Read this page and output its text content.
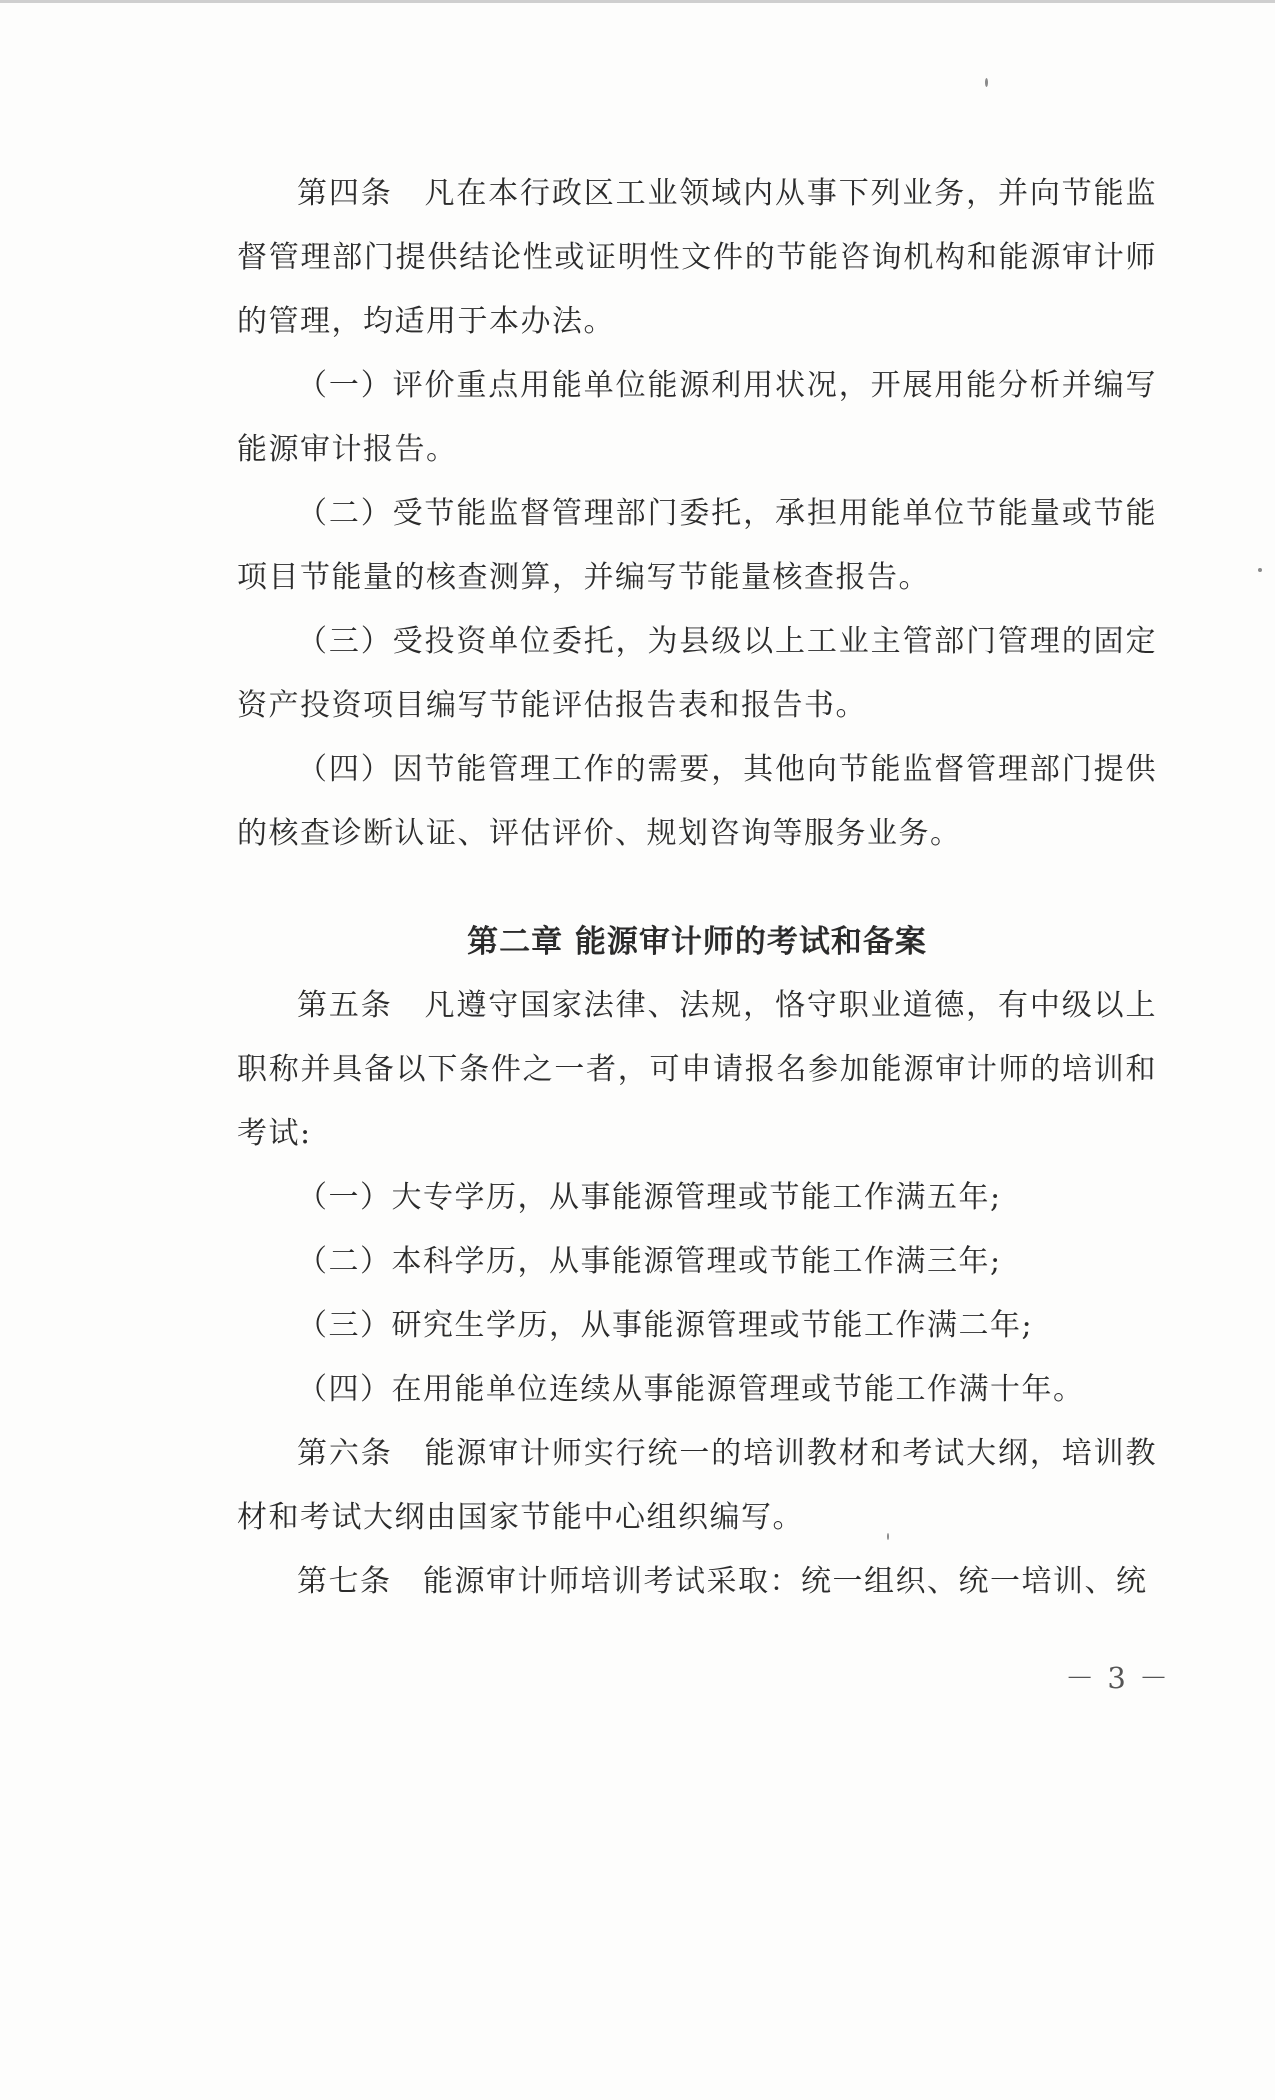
第四条　凡在本行政区工业领域内从事下列业务，并向节能监督管理部门提供结论性或证明性文件的节能咨询机构和能源审计师的管理，均适用于本办法。

（一）评价重点用能单位能源利用状况，开展用能分析并编写能源审计报告。

（二）受节能监督管理部门委托，承担用能单位节能量或节能项目节能量的核查测算，并编写节能量核查报告。

（三）受投资单位委托，为县级以上工业主管部门管理的固定资产投资项目编写节能评估报告表和报告书。

（四）因节能管理工作的需要，其他向节能监督管理部门提供的核查诊断认证、评估评价、规划咨询等服务业务。

第二章 能源审计师的考试和备案

第五条　凡遵守国家法律、法规，恪守职业道德，有中级以上职称并具备以下条件之一者，可申请报名参加能源审计师的培训和考试:

（一）大专学历，从事能源管理或节能工作满五年;

（二）本科学历，从事能源管理或节能工作满三年;

（三）研究生学历，从事能源管理或节能工作满二年;

（四）在用能单位连续从事能源管理或节能工作满十年。

第六条　能源审计师实行统一的培训教材和考试大纲，培训教材和考试大纲由国家节能中心组织编写。

第七条　能源审计师培训考试采取：统一组织、统一培训、统

－ 3 －
